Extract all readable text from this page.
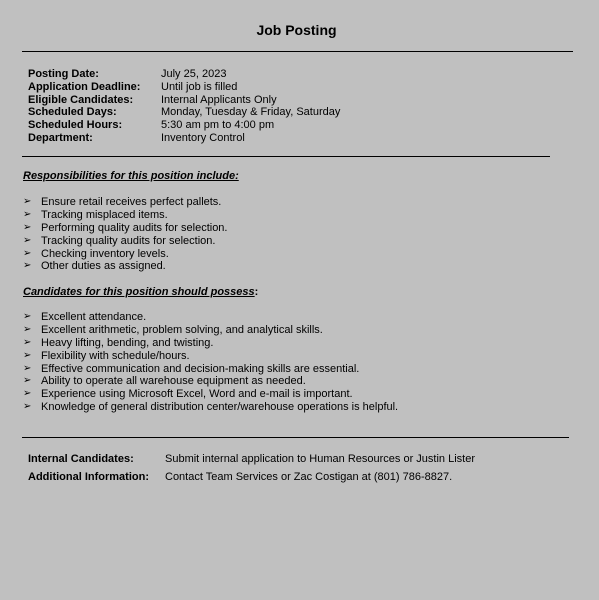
Job Posting
Posting Date:	July 25, 2023
Application Deadline:	Until job is filled
Eligible Candidates:	Internal Applicants Only
Scheduled Days:	Monday, Tuesday & Friday, Saturday
Scheduled Hours:	5:30 am pm to 4:00 pm
Department:	Inventory Control
Responsibilities for this position include:
➢ Ensure retail receives perfect pallets.
➢ Tracking misplaced items.
➢ Performing quality audits for selection.
➢ Tracking quality audits for selection.
➢ Checking inventory levels.
➢ Other duties as assigned.
Candidates for this position should possess:
➢ Excellent attendance.
➢ Excellent arithmetic, problem solving, and analytical skills.
➢ Heavy lifting, bending, and twisting.
➢ Flexibility with schedule/hours.
➢ Effective communication and decision-making skills are essential.
➢ Ability to operate all warehouse equipment as needed.
➢ Experience using Microsoft Excel, Word and e-mail is important.
➢ Knowledge of general distribution center/warehouse operations is helpful.
Internal Candidates:	Submit internal application to Human Resources or Justin Lister
Additional Information:	Contact Team Services or Zac Costigan at (801) 786-8827.
